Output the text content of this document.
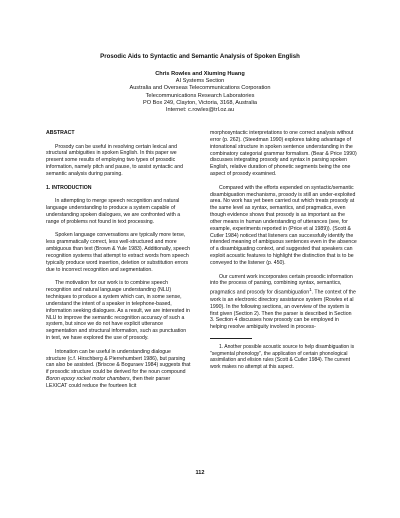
Prosodic Aids to Syntactic and Semantic Analysis of Spoken English
Chris Rowles and Xiuming Huang
AI Systems Section
Australia and Overseas Telecommunications Corporation
Telecommunications Research Laboratories
PO Box 249, Clayton, Victoria, 3168, Australia
Internet: c.rowles@trl.oz.au
ABSTRACT

Prosody can be useful in resolving certain lexical and structural ambiguities in spoken English. In this paper we present some results of employing two types of prosodic information, namely pitch and pause, to assist syntactic and semantic analysis during parsing.

1. INTRODUCTION

In attempting to merge speech recognition and natural language understanding to produce a system capable of understanding spoken dialogues, we are confronted with a range of problems not found in text processing.

Spoken language conversations are typically more terse, less grammatically correct, less well-structured and more ambiguous than text (Brown & Yule 1983). Additionally, speech recognition systems that attempt to extract words from speech typically produce word insertion, deletion or substitution errors due to incorrect recognition and segmentation.

The motivation for our work is to combine speech recognition and natural language understanding (NLU) techniques to produce a system which can, in some sense, understand the intent of a speaker in telephone-based, information seeking dialogues. As a result, we are interested in NLU to improve the semantic recognition accuracy of such a system, but since we do not have explicit utterance segmentation and structural information, such as punctuation in text, we have explored the use of prosody.

Intonation can be useful in understanding dialogue structure (c.f. Hirschberg & Pierrehumbert 1986), but parsing can also be assisted. (Briscoe & Boguraev 1984) suggests that if prosodic structure could be derived for the noun compound Boron epoxy rocket motor chambers, then their parser LEXICAT could reduce the fourteen licit

morphosyntactic interpretations to one correct analysis without error (p. 262). (Steedman 1990) explores taking advantage of intonational structure in spoken sentence understanding in the combinatory categorial grammar formalism. (Bear & Price 1990) discusses integrating prosody and syntax in parsing spoken English, relative duration of phonetic segments being the one aspect of prosody examined.

Compared with the efforts expended on syntactic/semantic disambiguation mechanisms, prosody is still an under-exploited area. No work has yet been carried out which treats prosody at the same level as syntax, semantics, and pragmatics, even though evidence shows that prosody is as important as the other means in human understanding of utterances (see, for example, experiments reported in (Price et al 1989)). (Scott & Cutler 1984) noticed that listeners can successfully identify the intended meaning of ambiguous sentences even in the absence of a disambiguating context, and suggested that speakers can exploit acoustic features to highlight the distinction that is to be conveyed to the listener (p. 450).

Our current work incorporates certain prosodic information into the process of parsing, combining syntax, semantics, pragmatics and prosody for disambiguation$^1$. The context of the work is an electronic directory assistance system (Rowles et al 1990). In the following sections, an overview of the system is first given (Section 2). Then the parser is described in Section 3. Section 4 discusses how prosody can be employed in helping resolve ambiguity involved in process-

1. Another possible acoustic source to help disambiguation is "segmental phonology", the application of certain phonological assimilation and elision rules (Scott & Cutler 1984). The current work makes no attempt at this aspect.

112
